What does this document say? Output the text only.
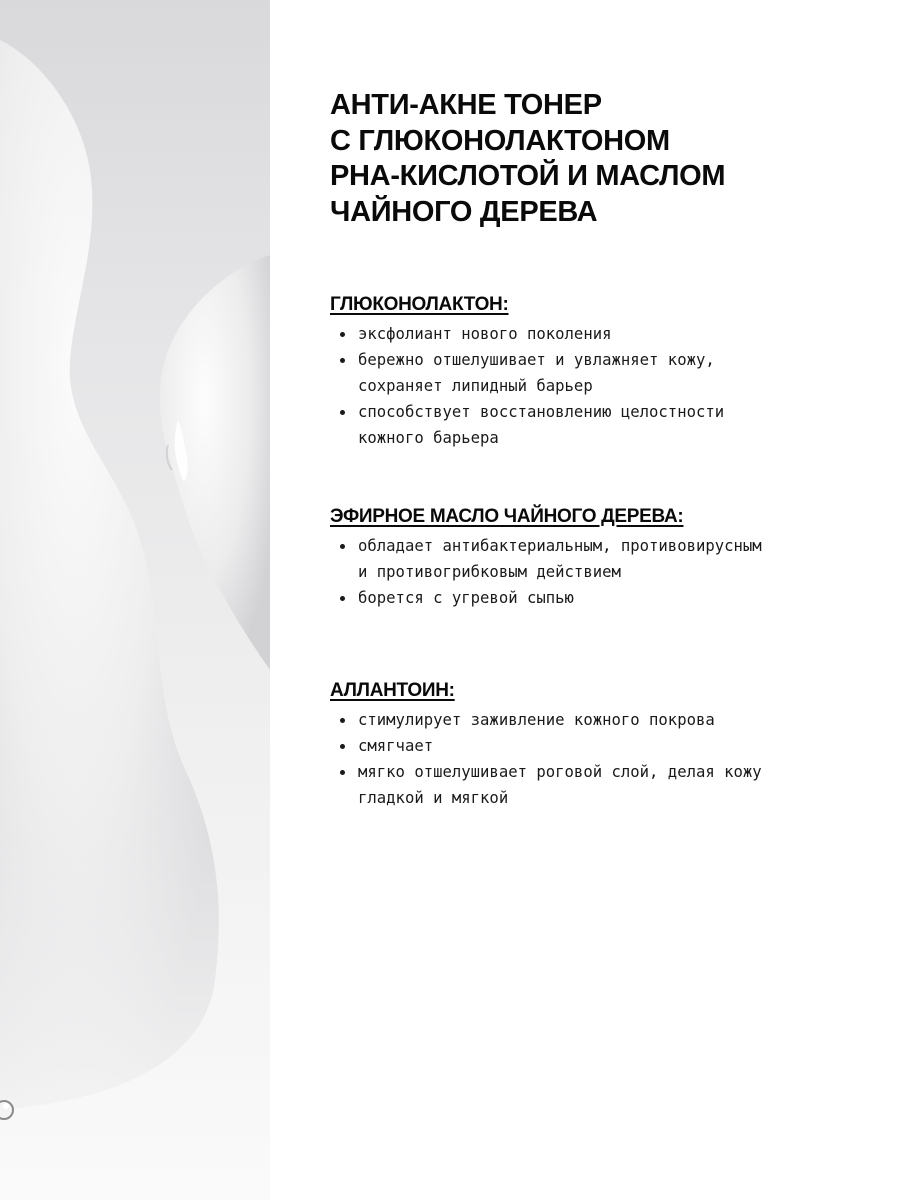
АНТИ-АКНЕ ТОНЕР
С ГЛЮКОНОЛАКТОНОМ
PHA-КИСЛОТОЙ И МАСЛОМ
ЧАЙНОГО ДЕРЕВА
ГЛЮКОНОЛАКТОН:
эксфолиант нового поколения
бережно отшелушивает и увлажняет кожу, сохраняет липидный барьер
способствует восстановлению целостности кожного барьера
ЭФИРНОЕ МАСЛО ЧАЙНОГО ДЕРЕВА:
обладает антибактериальным, противовирусным и противогрибковым действием
борется с угревой сыпью
АЛЛАНТОИН:
стимулирует заживление кожного покрова
смягчает
мягко отшелушивает роговой слой, делая кожу гладкой и мягкой
